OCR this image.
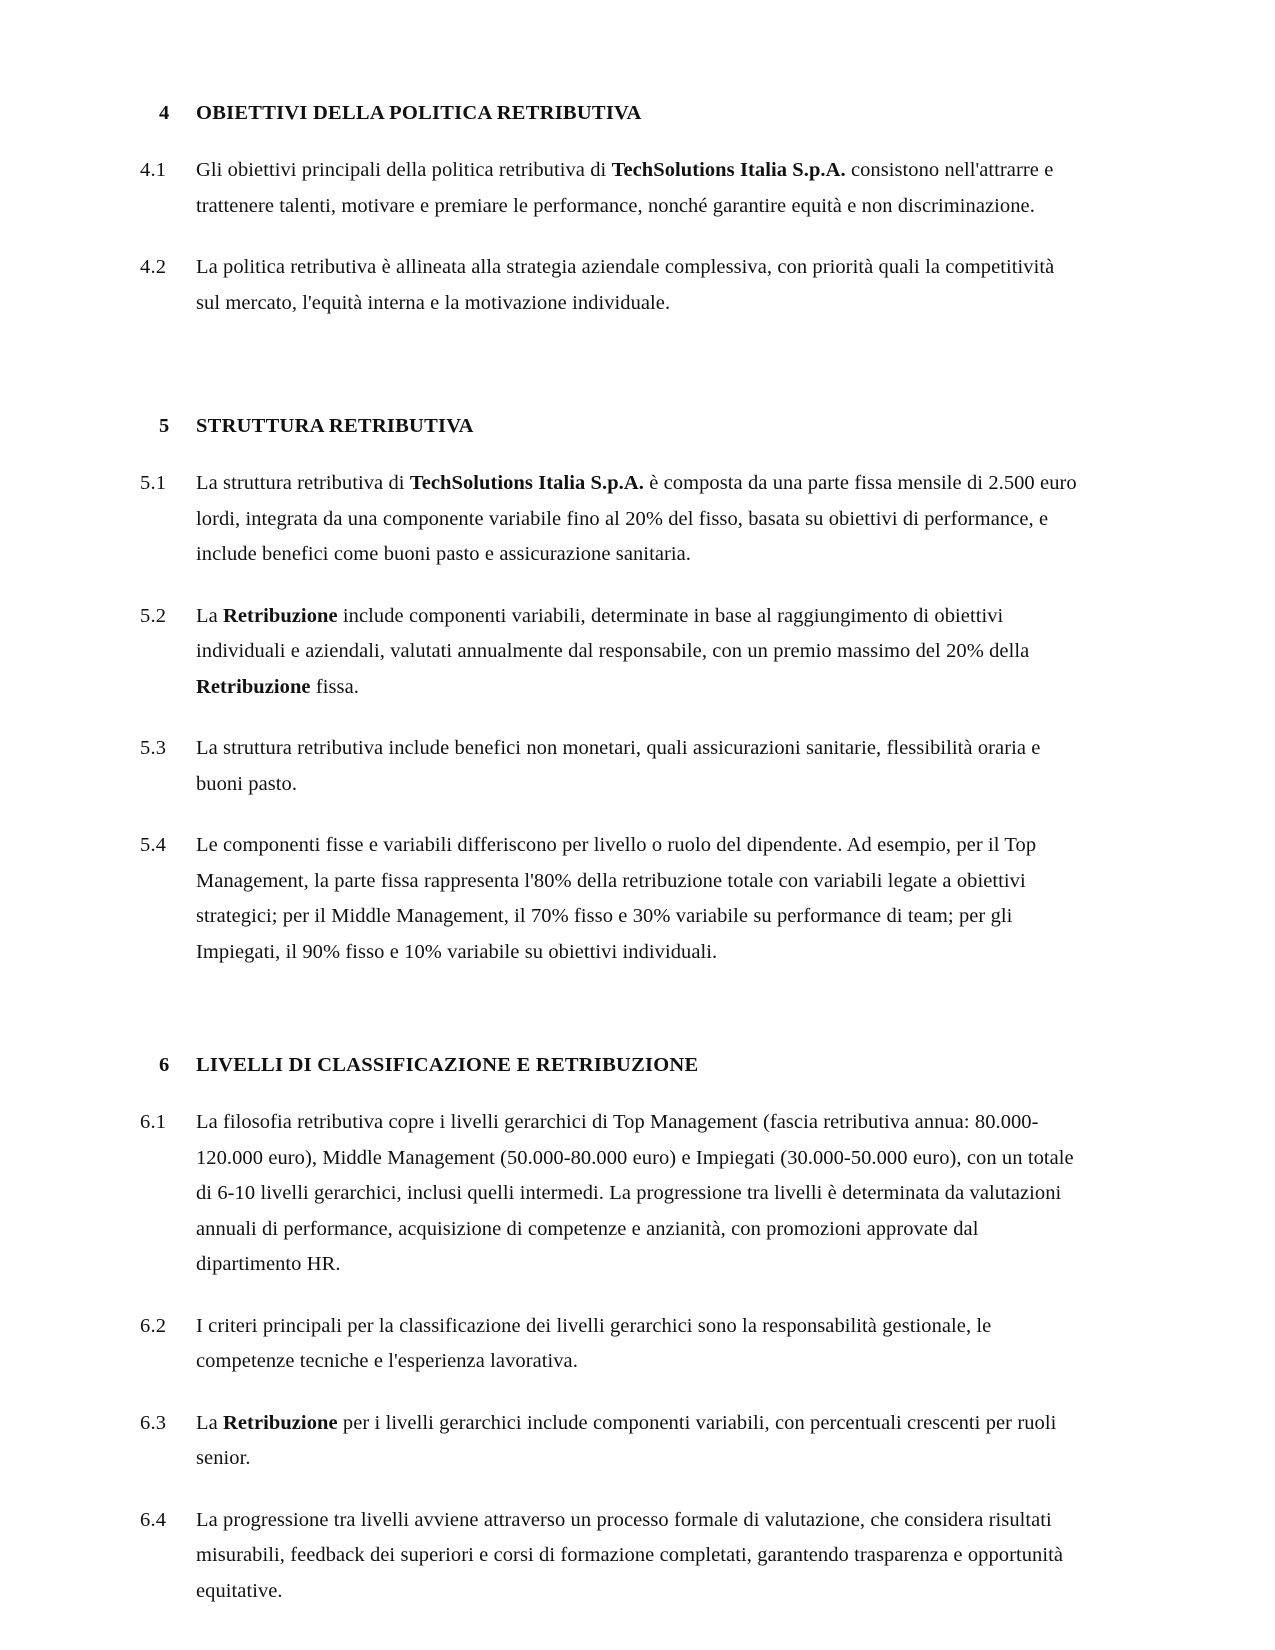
4	OBIETTIVI DELLA POLITICA RETRIBUTIVA
4.1	Gli obiettivi principali della politica retributiva di TechSolutions Italia S.p.A. consistono nell'attrarre e trattenere talenti, motivare e premiare le performance, nonché garantire equità e non discriminazione.
4.2	La politica retributiva è allineata alla strategia aziendale complessiva, con priorità quali la competitività sul mercato, l'equità interna e la motivazione individuale.
5	STRUTTURA RETRIBUTIVA
5.1	La struttura retributiva di TechSolutions Italia S.p.A. è composta da una parte fissa mensile di 2.500 euro lordi, integrata da una componente variabile fino al 20% del fisso, basata su obiettivi di performance, e include benefici come buoni pasto e assicurazione sanitaria.
5.2	La Retribuzione include componenti variabili, determinate in base al raggiungimento di obiettivi individuali e aziendali, valutati annualmente dal responsabile, con un premio massimo del 20% della Retribuzione fissa.
5.3	La struttura retributiva include benefici non monetari, quali assicurazioni sanitarie, flessibilità oraria e buoni pasto.
5.4	Le componenti fisse e variabili differiscono per livello o ruolo del dipendente. Ad esempio, per il Top Management, la parte fissa rappresenta l'80% della retribuzione totale con variabili legate a obiettivi strategici; per il Middle Management, il 70% fisso e 30% variabile su performance di team; per gli Impiegati, il 90% fisso e 10% variabile su obiettivi individuali.
6	LIVELLI DI CLASSIFICAZIONE E RETRIBUZIONE
6.1	La filosofia retributiva copre i livelli gerarchici di Top Management (fascia retributiva annua: 80.000-120.000 euro), Middle Management (50.000-80.000 euro) e Impiegati (30.000-50.000 euro), con un totale di 6-10 livelli gerarchici, inclusi quelli intermedi. La progressione tra livelli è determinata da valutazioni annuali di performance, acquisizione di competenze e anzianità, con promozioni approvate dal dipartimento HR.
6.2	I criteri principali per la classificazione dei livelli gerarchici sono la responsabilità gestionale, le competenze tecniche e l'esperienza lavorativa.
6.3	La Retribuzione per i livelli gerarchici include componenti variabili, con percentuali crescenti per ruoli senior.
6.4	La progressione tra livelli avviene attraverso un processo formale di valutazione, che considera risultati misurabili, feedback dei superiori e corsi di formazione completati, garantendo trasparenza e opportunità equitative.
